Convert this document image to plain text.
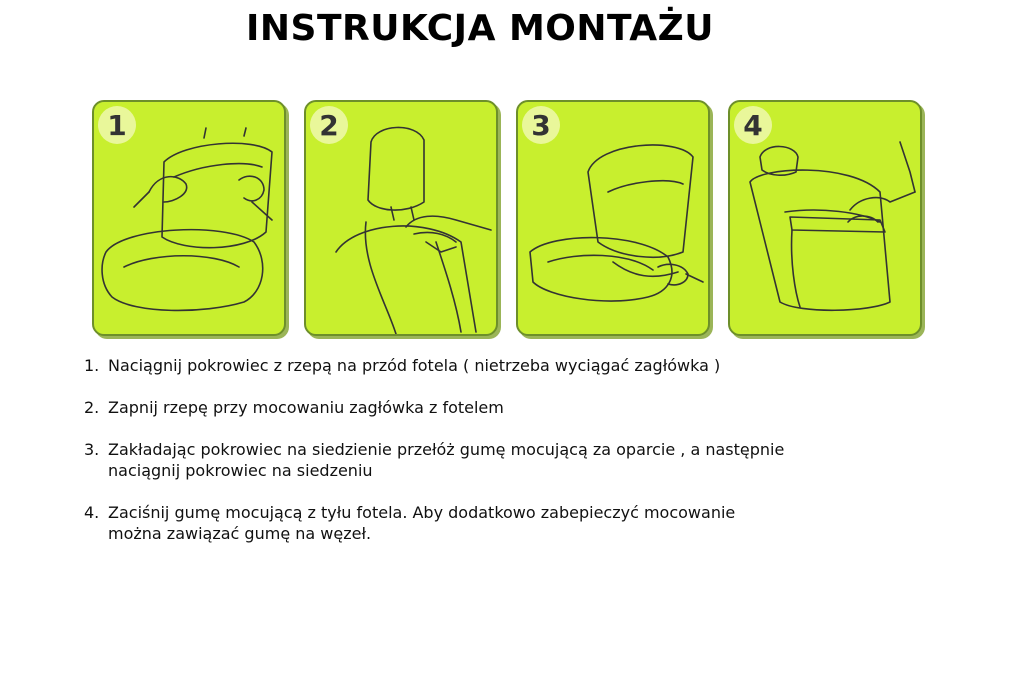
INSTRUKCJA MONTAŻU
1	2	3	4
1. Naciągnij pokrowiec z rzepą na przód fotela ( nietrzeba wyciągać zagłówka )
2. Zapnij rzepę przy mocowaniu zagłówka z fotelem
3. Zakładając pokrowiec na siedzienie przełóż gumę mocującą za oparcie , a następnie
naciągnij pokrowiec na siedzeniu
4. Zaciśnij gumę mocującą z tyłu fotela. Aby dodatkowo zabepieczyć mocowanie
można zawiązać gumę na węzeł.
